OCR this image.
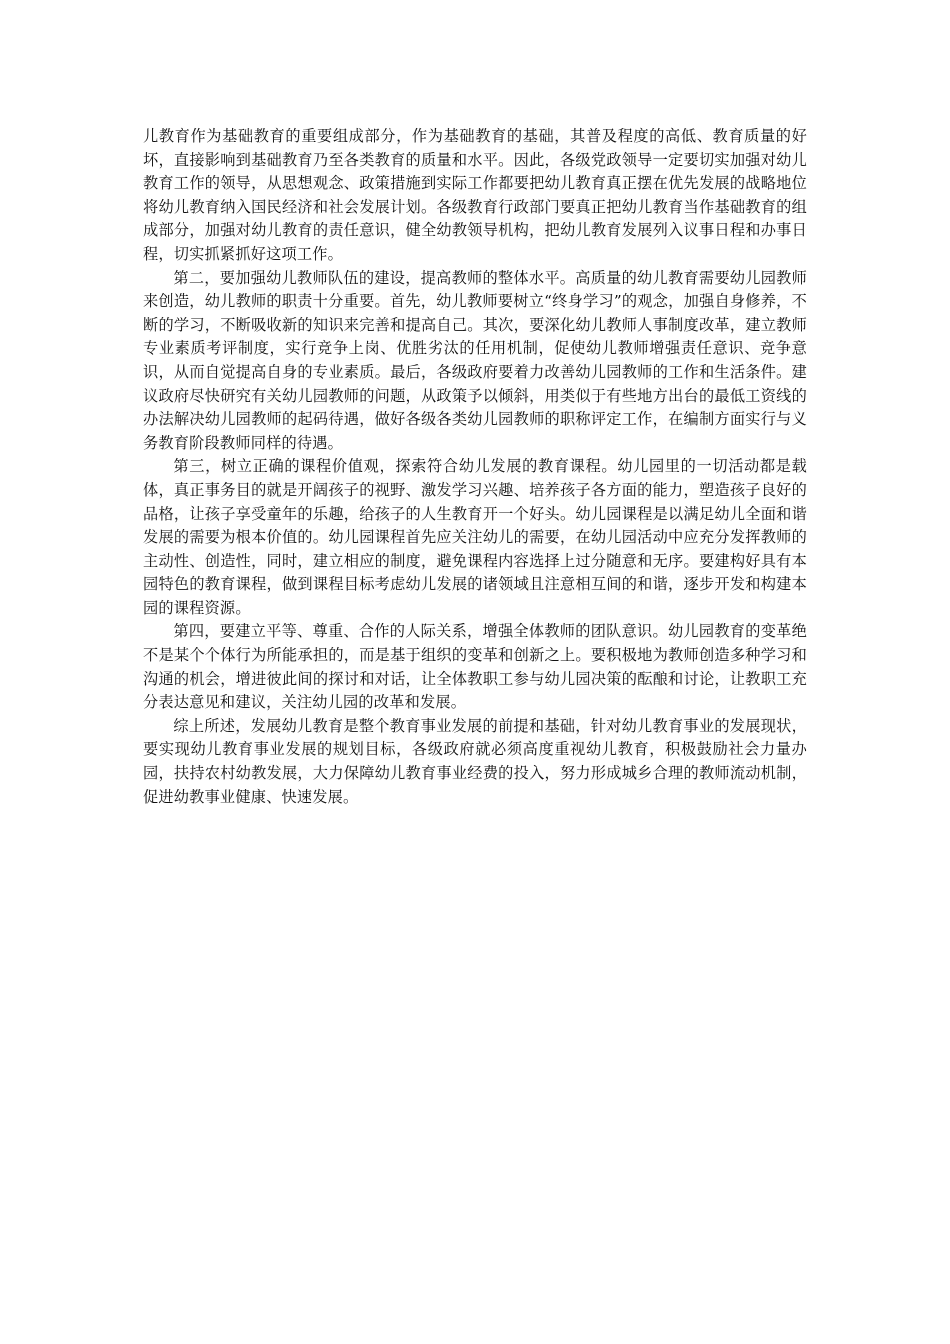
儿教育作为基础教育的重要组成部分，作为基础教育的基础，其普及程度的高低、教育质量的好坏，直接影响到基础教育乃至各类教育的质量和水平。因此，各级党政领导一定要切实加强对幼儿教育工作的领导，从思想观念、政策措施到实际工作都要把幼儿教育真正摆在优先发展的战略地位将幼儿教育纳入国民经济和社会发展计划。各级教育行政部门要真正把幼儿教育当作基础教育的组成部分，加强对幼儿教育的责任意识，健全幼教领导机构，把幼儿教育发展列入议事日程和办事日程，切实抓紧抓好这项工作。

第二，要加强幼儿教师队伍的建设，提高教师的整体水平。高质量的幼儿教育需要幼儿园教师来创造，幼儿教师的职责十分重要。首先，幼儿教师要树立“终身学习”的观念，加强自身修养，不断的学习，不断吸收新的知识来完善和提高自己。其次，要深化幼儿教师人事制度改革，建立教师专业素质考评制度，实行竞争上岗、优胜劣汰的任用机制，促使幼儿教师增强责任意识、竞争意识，从而自觉提高自身的专业素质。最后，各级政府要着力改善幼儿园教师的工作和生活条件。建议政府尽快研究有关幼儿园教师的问题，从政策予以倾斜，用类似于有些地方出台的最低工资线的办法解决幼儿园教师的起码待遇，做好各级各类幼儿园教师的职称评定工作，在编制方面实行与义务教育阶段教师同样的待遇。

第三，树立正确的课程价值观，探索符合幼儿发展的教育课程。幼儿园里的一切活动都是载体，真正事务目的就是开阔孩子的视野、激发学习兴趣、培养孩子各方面的能力，塑造孩子良好的品格，让孩子享受童年的乐趣，给孩子的人生教育开一个好头。幼儿园课程是以满足幼儿全面和谐发展的需要为根本价值的。幼儿园课程首先应关注幼儿的需要，在幼儿园活动中应充分发挥教师的主动性、创造性，同时，建立相应的制度，避免课程内容选择上过分随意和无序。要建构好具有本园特色的教育课程，做到课程目标考虑幼儿发展的诸领域且注意相互间的和谐，逐步开发和构建本园的课程资源。

第四，要建立平等、尊重、合作的人际关系，增强全体教师的团队意识。幼儿园教育的变革绝不是某个个体行为所能承担的，而是基于组织的变革和创新之上。要积极地为教师创造多种学习和沟通的机会，增进彼此间的探讨和对话，让全体教职工参与幼儿园决策的酝酿和讨论，让教职工充分表达意见和建议，关注幼儿园的改革和发展。

综上所述，发展幼儿教育是整个教育事业发展的前提和基础，针对幼儿教育事业的发展现状，要实现幼儿教育事业发展的规划目标，各级政府就必须高度重视幼儿教育，积极鼓励社会力量办园，扶持农村幼教发展，大力保障幼儿教育事业经费的投入，努力形成城乡合理的教师流动机制，促进幼教事业健康、快速发展。
